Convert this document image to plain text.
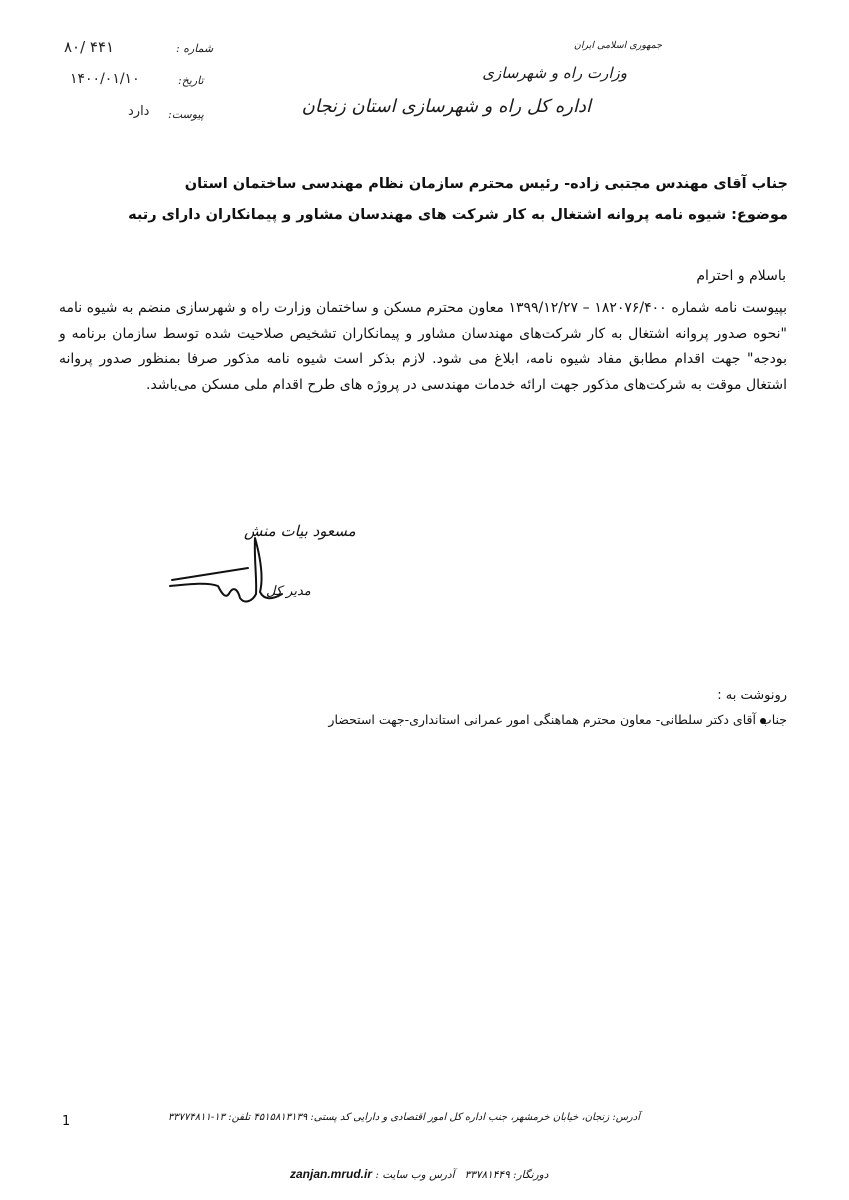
جمهوری اسلامی ایران
وزارت راه و شهرسازی
اداره کل راه و شهرسازی استان زنجان
شماره :
۸۰/ ۴۴۱
تاریخ:
۱۴۰۰/۰۱/۱۰
پیوست:
دارد
جناب آقای مهندس مجتبی زاده- رئیس محترم سازمان نظام مهندسی ساختمان استان
موضوع: شیوه نامه پروانه اشتغال به کار شرکت های مهندسان مشاور و پیمانکاران دارای رتبه
باسلام و احترام
بپیوست نامه شماره ۱۸۲۰۷۶/۴۰۰ – ۱۳۹۹/۱۲/۲۷ معاون محترم مسکن و ساختمان وزارت راه و شهرسازی منضم به شیوه نامه "نحوه صدور پروانه اشتغال به کار شرکت‌های مهندسان مشاور و پیمانکاران تشخیص صلاحیت شده توسط سازمان برنامه و بودجه" جهت اقدام مطابق مفاد شیوه نامه، ابلاغ می شود. لازم بذکر است شیوه نامه مذکور صرفا بمنظور صدور پروانه اشتغال موقت به شرکت‌های مذکور جهت ارائه خدمات مهندسی در پروژه های طرح اقدام ملی مسکن می‌باشد.
مسعود بیات منش
مدیر کل
رونوشت به :
جناب آقای دکتر سلطانی- معاون محترم هماهنگی امور عمرانی استانداری-جهت استحضار
1	آدرس: زنجان، خیابان خرمشهر، جنب اداره کل امور اقتصادی و دارایی کد پستی: ۴۵۱۵۸۱۳۱۳۹ تلفن: ۱۳-۳۳۷۷۴۸۱۱
دورنگار: ۳۳۷۸۱۴۴۹   آدرس وب سایت : zanjan.mrud.ir
